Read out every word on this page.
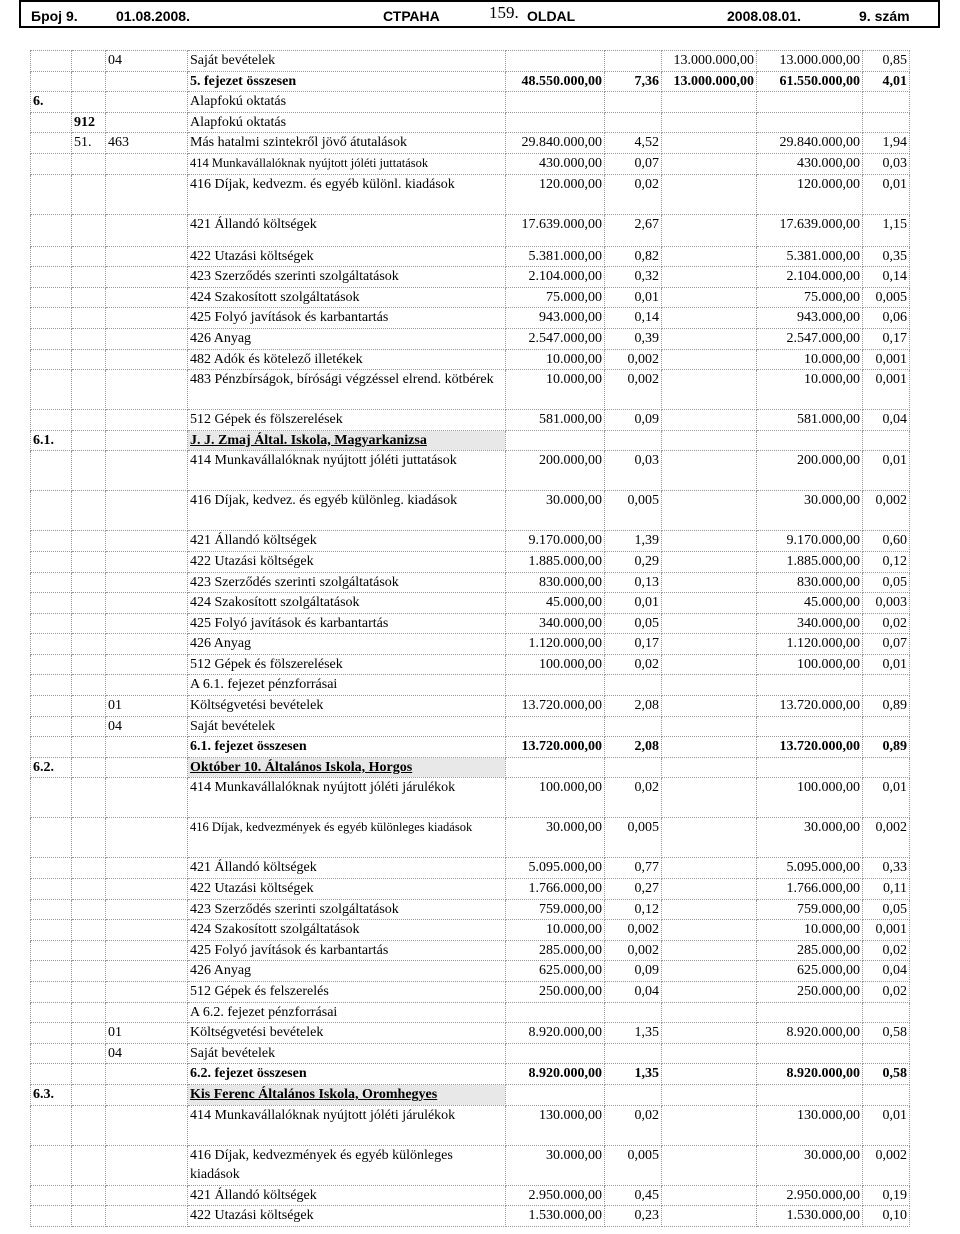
Број 9.	01.08.2008.	СТРАНА	159. OLDAL	2008.08.01.	9. szám
		04	Saját bevételek			13.000.000,00	13.000.000,00	0,85
			5. fejezet összesen	48.550.000,00	7,36	13.000.000,00	61.550.000,00	4,01
6.			Alapfokú oktatás					
	912		Alapfokú oktatás					
	51.	463	Más hatalmi szintekről jövő átutalások	29.840.000,00	4,52		29.840.000,00	1,94
			414 Munkavállalóknak nyújtott jóléti juttatások	430.000,00	0,07		430.000,00	0,03
			416 Díjak, kedvezm. és egyéb különl. kiadások	120.000,00	0,02		120.000,00	0,01
			421 Állandó költségek	17.639.000,00	2,67		17.639.000,00	1,15
			422 Utazási költségek	5.381.000,00	0,82		5.381.000,00	0,35
			423 Szerződés szerinti szolgáltatások	2.104.000,00	0,32		2.104.000,00	0,14
			424 Szakosított szolgáltatások	75.000,00	0,01		75.000,00	0,005
			425 Folyó javítások és karbantartás	943.000,00	0,14		943.000,00	0,06
			426 Anyag	2.547.000,00	0,39		2.547.000,00	0,17
			482 Adók és kötelező illetékek	10.000,00	0,002		10.000,00	0,001
			483 Pénzbírságok, bírósági végzéssel elrend. kötbérek	10.000,00	0,002		10.000,00	0,001
			512 Gépek és fölszerelések	581.000,00	0,09		581.000,00	0,04
6.1.			J. J. Zmaj Által. Iskola, Magyarkanizsa					
			414 Munkavállalóknak nyújtott jóléti juttatások	200.000,00	0,03		200.000,00	0,01
			416 Díjak, kedvez. és egyéb különleg. kiadások	30.000,00	0,005		30.000,00	0,002
			421 Állandó költségek	9.170.000,00	1,39		9.170.000,00	0,60
			422 Utazási költségek	1.885.000,00	0,29		1.885.000,00	0,12
			423 Szerződés szerinti szolgáltatások	830.000,00	0,13		830.000,00	0,05
			424 Szakosított szolgáltatások	45.000,00	0,01		45.000,00	0,003
			425 Folyó javítások és karbantartás	340.000,00	0,05		340.000,00	0,02
			426 Anyag	1.120.000,00	0,17		1.120.000,00	0,07
			512 Gépek és fölszerelések	100.000,00	0,02		100.000,00	0,01
			A 6.1. fejezet pénzforrásai					
		01	Költségvetési bevételek	13.720.000,00	2,08		13.720.000,00	0,89
		04	Saját bevételek					
			6.1. fejezet összesen	13.720.000,00	2,08		13.720.000,00	0,89
6.2.			Október 10. Általános Iskola, Horgos					
			414 Munkavállalóknak nyújtott jóléti járulékok	100.000,00	0,02		100.000,00	0,01
			416 Díjak, kedvezmények és egyéb különleges kiadások	30.000,00	0,005		30.000,00	0,002
			421 Állandó költségek	5.095.000,00	0,77		5.095.000,00	0,33
			422 Utazási költségek	1.766.000,00	0,27		1.766.000,00	0,11
			423 Szerződés szerinti szolgáltatások	759.000,00	0,12		759.000,00	0,05
			424 Szakosított szolgáltatások	10.000,00	0,002		10.000,00	0,001
			425 Folyó javítások és karbantartás	285.000,00	0,002		285.000,00	0,02
			426 Anyag	625.000,00	0,09		625.000,00	0,04
			512 Gépek és felszerelés	250.000,00	0,04		250.000,00	0,02
			A 6.2. fejezet pénzforrásai					
		01	Költségvetési bevételek	8.920.000,00	1,35		8.920.000,00	0,58
		04	Saját bevételek					
			6.2. fejezet összesen	8.920.000,00	1,35		8.920.000,00	0,58
6.3.			Kis Ferenc Általános Iskola, Oromhegyes					
			414 Munkavállalóknak nyújtott jóléti járulékok	130.000,00	0,02		130.000,00	0,01
			416 Díjak, kedvezmények és egyéb különleges kiadások	30.000,00	0,005		30.000,00	0,002
			421 Állandó költségek	2.950.000,00	0,45		2.950.000,00	0,19
			422 Utazási költségek	1.530.000,00	0,23		1.530.000,00	0,10
